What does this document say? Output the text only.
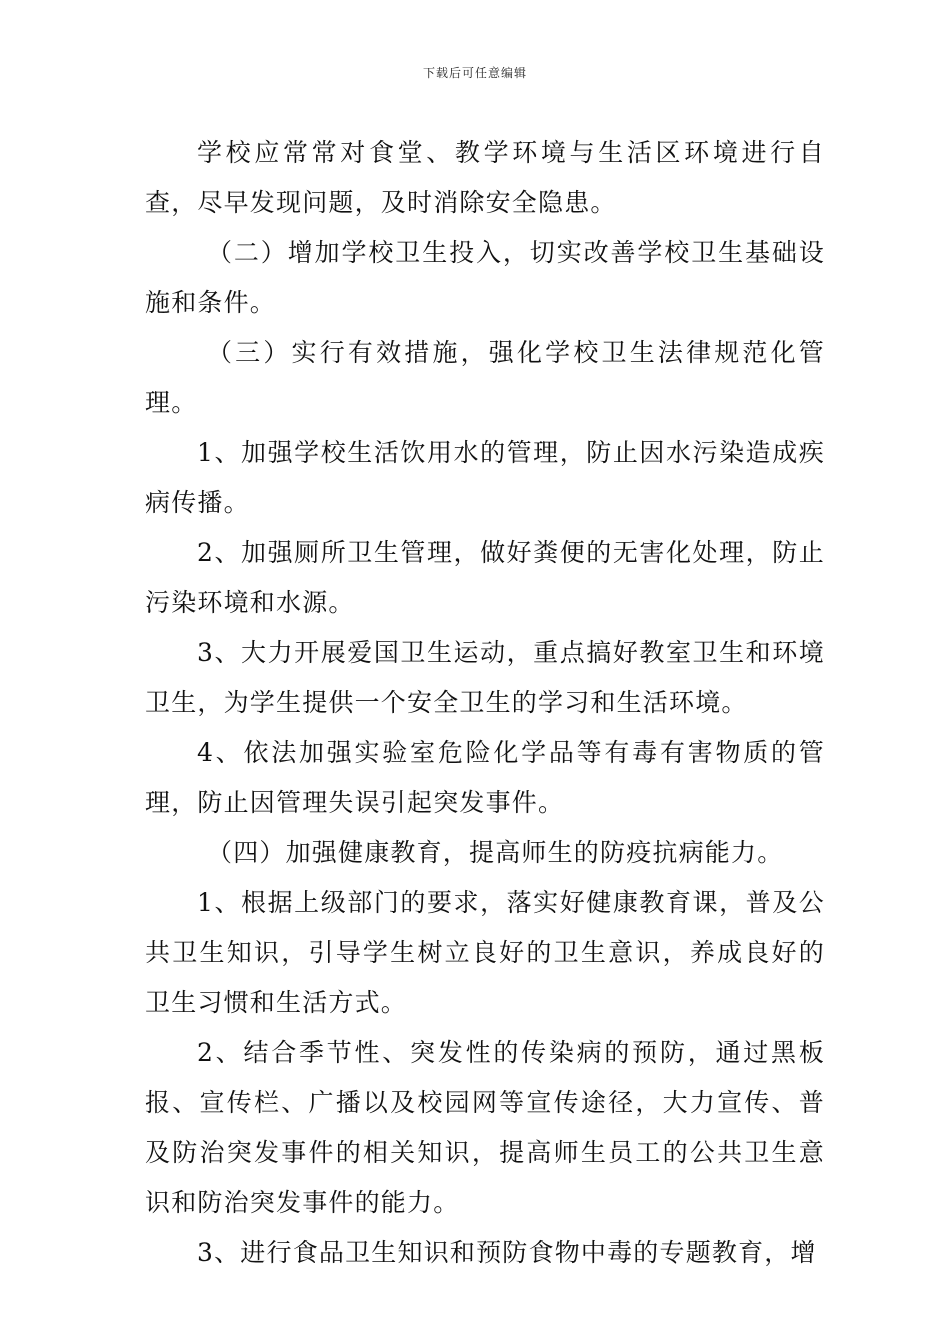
下载后可任意编辑

学校应常常对食堂、教学环境与生活区环境进行自查，尽早发现问题，及时消除安全隐患。

（二）增加学校卫生投入，切实改善学校卫生基础设施和条件。

（三）实行有效措施，强化学校卫生法律规范化管理。

1、加强学校生活饮用水的管理，防止因水污染造成疾病传播。

2、加强厕所卫生管理，做好粪便的无害化处理，防止污染环境和水源。

3、大力开展爱国卫生运动，重点搞好教室卫生和环境卫生，为学生提供一个安全卫生的学习和生活环境。

4、依法加强实验室危险化学品等有毒有害物质的管理，防止因管理失误引起突发事件。

（四）加强健康教育，提高师生的防疫抗病能力。

1、根据上级部门的要求，落实好健康教育课，普及公共卫生知识，引导学生树立良好的卫生意识，养成良好的卫生习惯和生活方式。

2、结合季节性、突发性的传染病的预防，通过黑板报、宣传栏、广播以及校园网等宣传途径，大力宣传、普及防治突发事件的相关知识，提高师生员工的公共卫生意识和防治突发事件的能力。

3、进行食品卫生知识和预防食物中毒的专题教育，增
